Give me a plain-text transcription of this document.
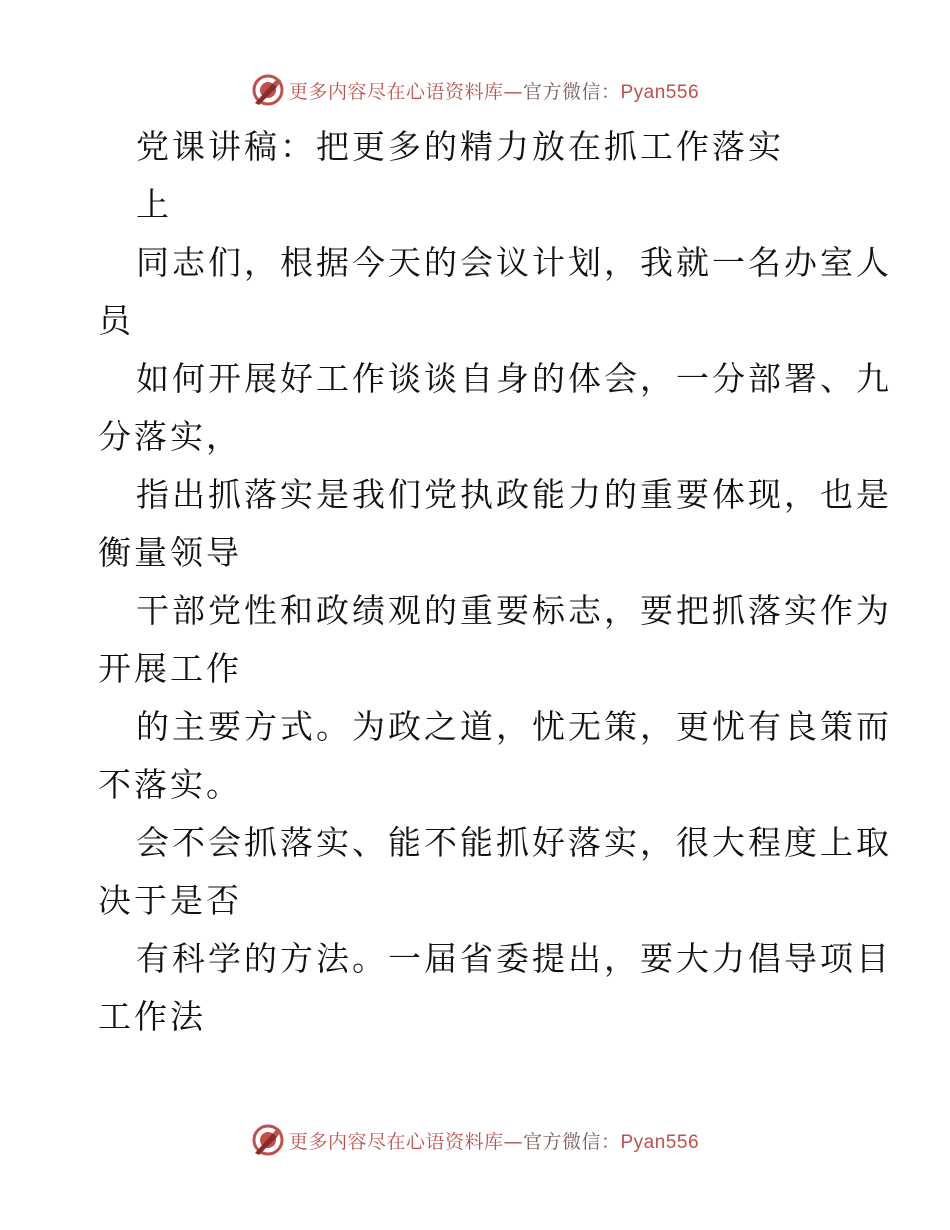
更多内容尽在心语资料库—官方微信：Pyan556
党课讲稿：把更多的精力放在抓工作落实
上
同志们，根据今天的会议计划，我就一名办室人
员
如何开展好工作谈谈自身的体会，一分部署、九
分落实，
指出抓落实是我们党执政能力的重要体现，也是
衡量领导
干部党性和政绩观的重要标志，要把抓落实作为
开展工作
的主要方式。为政之道，忧无策，更忧有良策而
不落实。
会不会抓落实、能不能抓好落实，很大程度上取
决于是否
有科学的方法。一届省委提出，要大力倡导项目
工作法
更多内容尽在心语资料库—官方微信：Pyan556
